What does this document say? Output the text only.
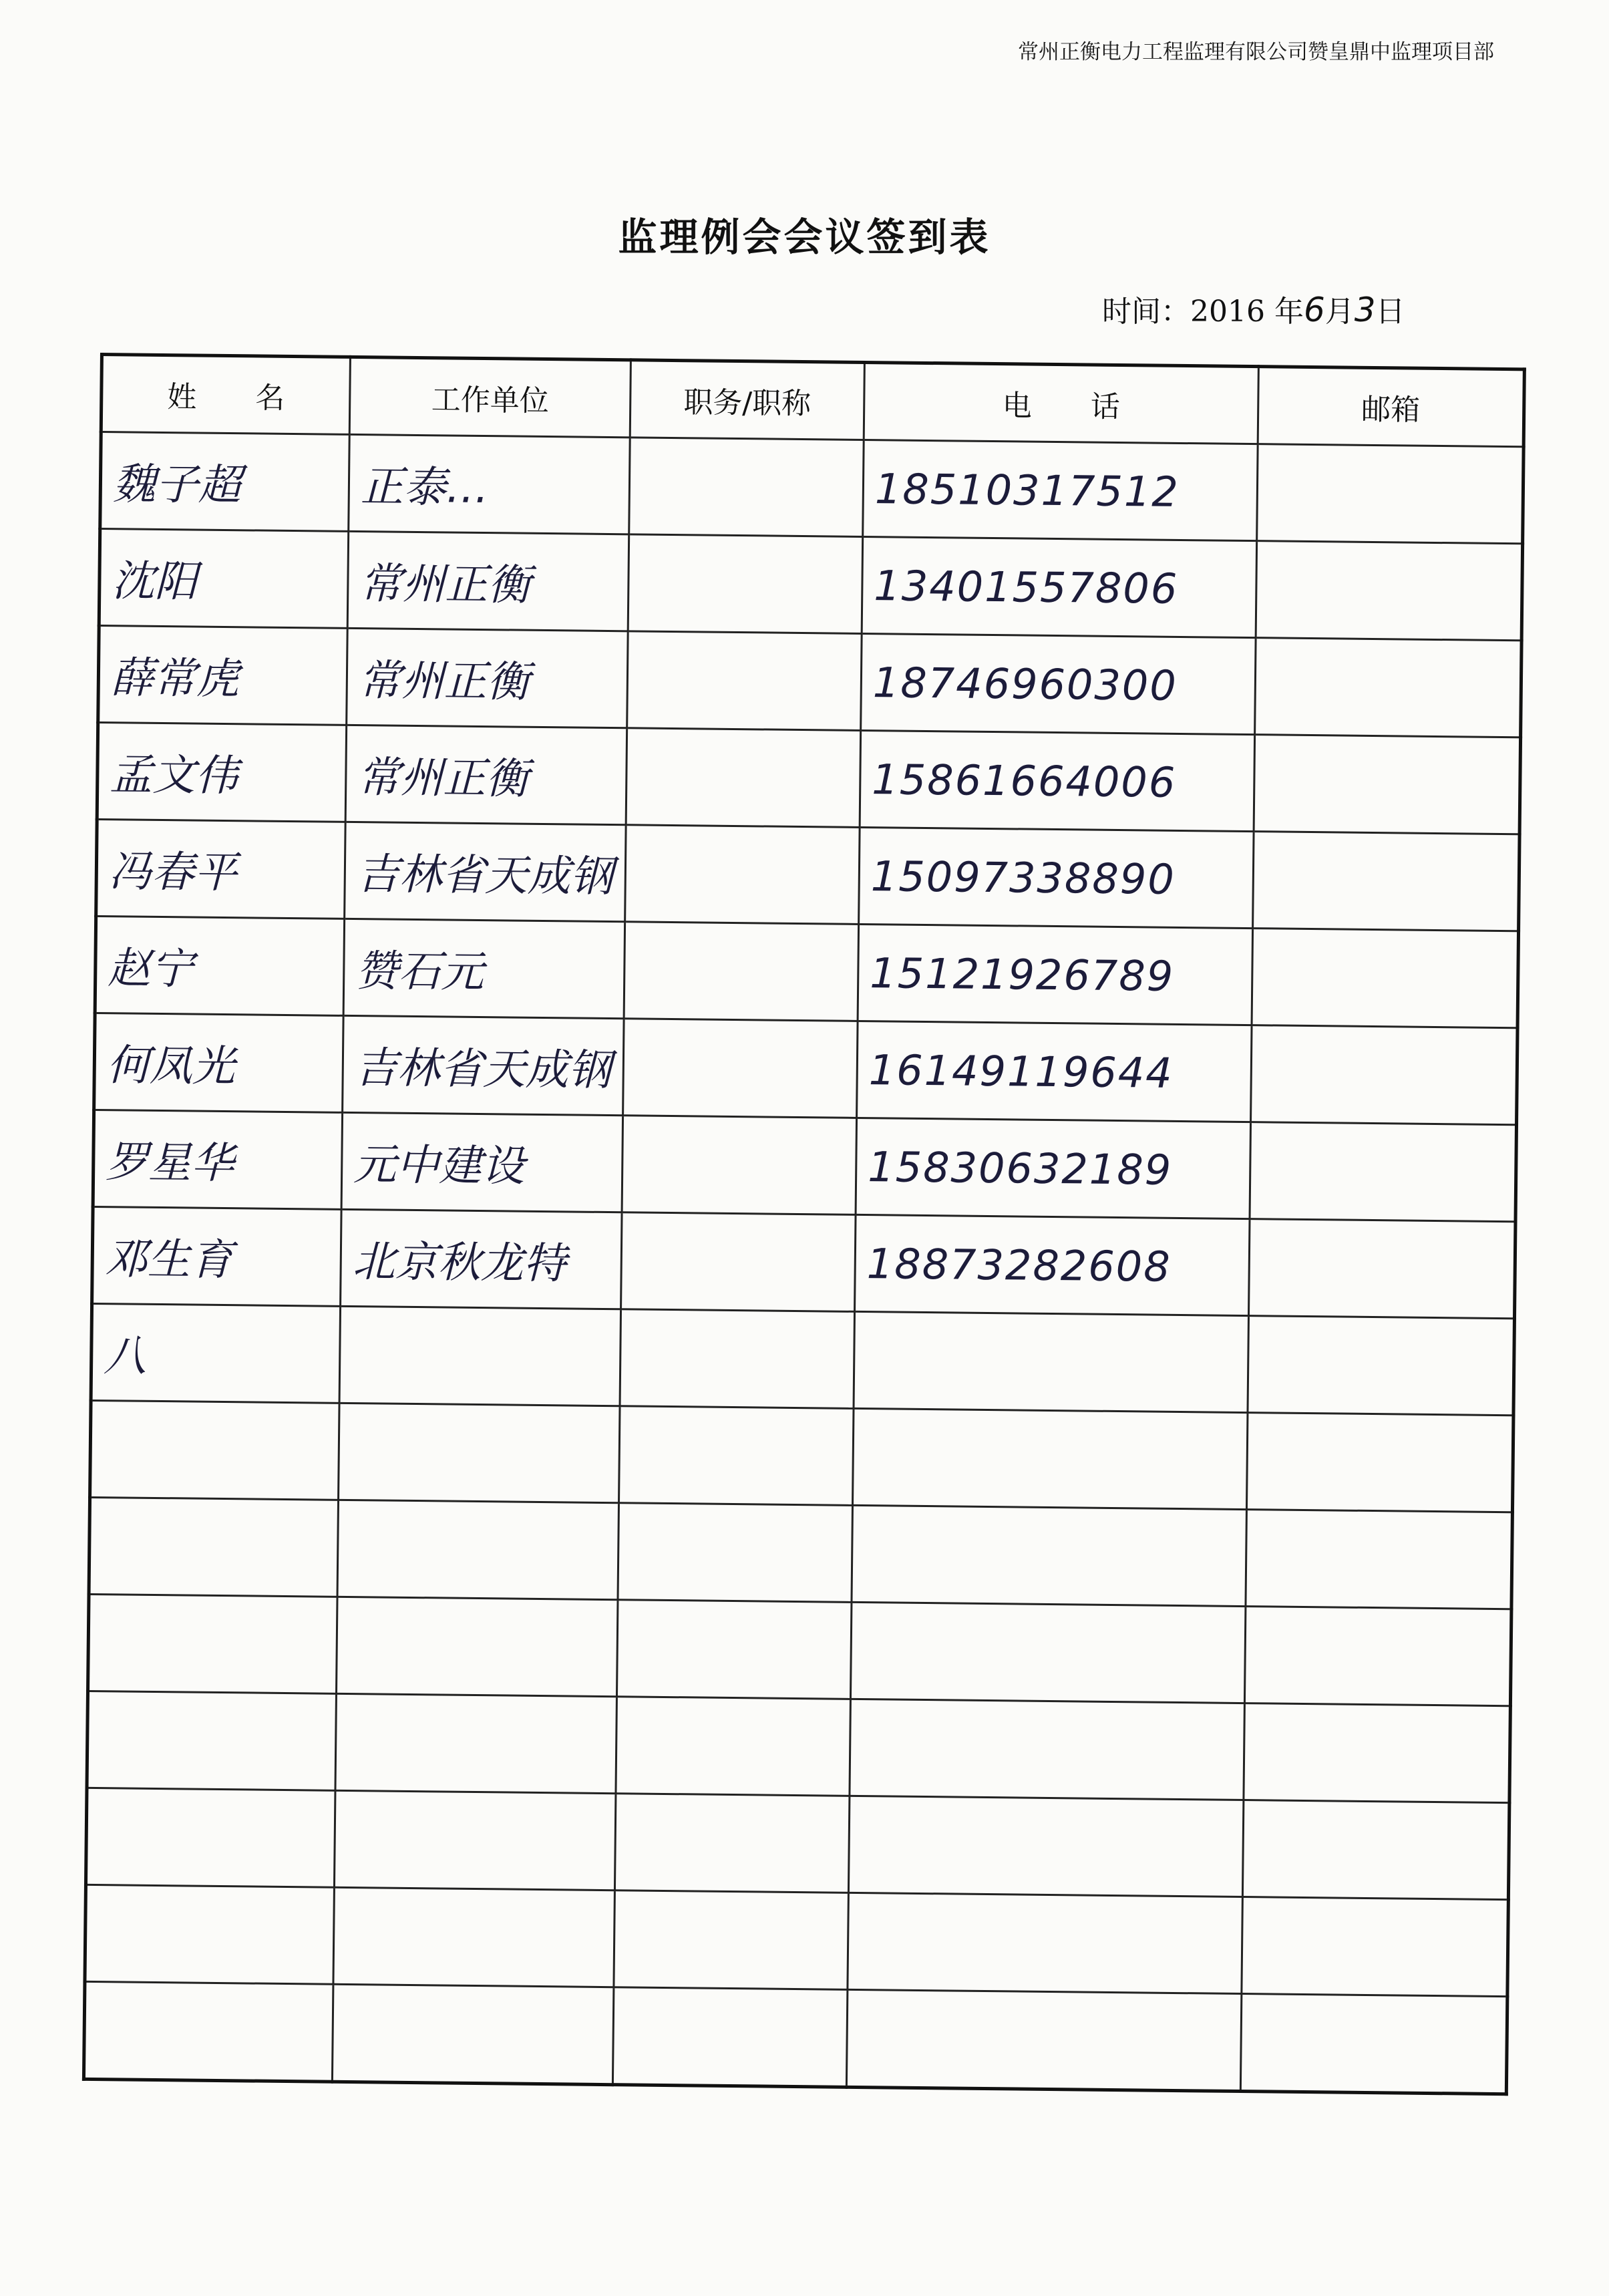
常州正衡电力工程监理有限公司赞皇鼎中监理项目部
监理例会会议签到表
时间：2016 年6月3日
姓　　名	工作单位	职务/职称	电　　话	邮箱
魏子超	正泰…		18510317512	
沈阳	常州正衡		13401557806	
薛常虎	常州正衡		18746960300	
孟文伟	常州正衡		15861664006	
冯春平	吉林省天成钢		15097338890	
赵宁	赞石元		15121926789	
何凤光	吉林省天成钢		16149119644	
罗星华	元中建设		15830632189	
邓生育	北京秋龙特		18873282608	
八				
